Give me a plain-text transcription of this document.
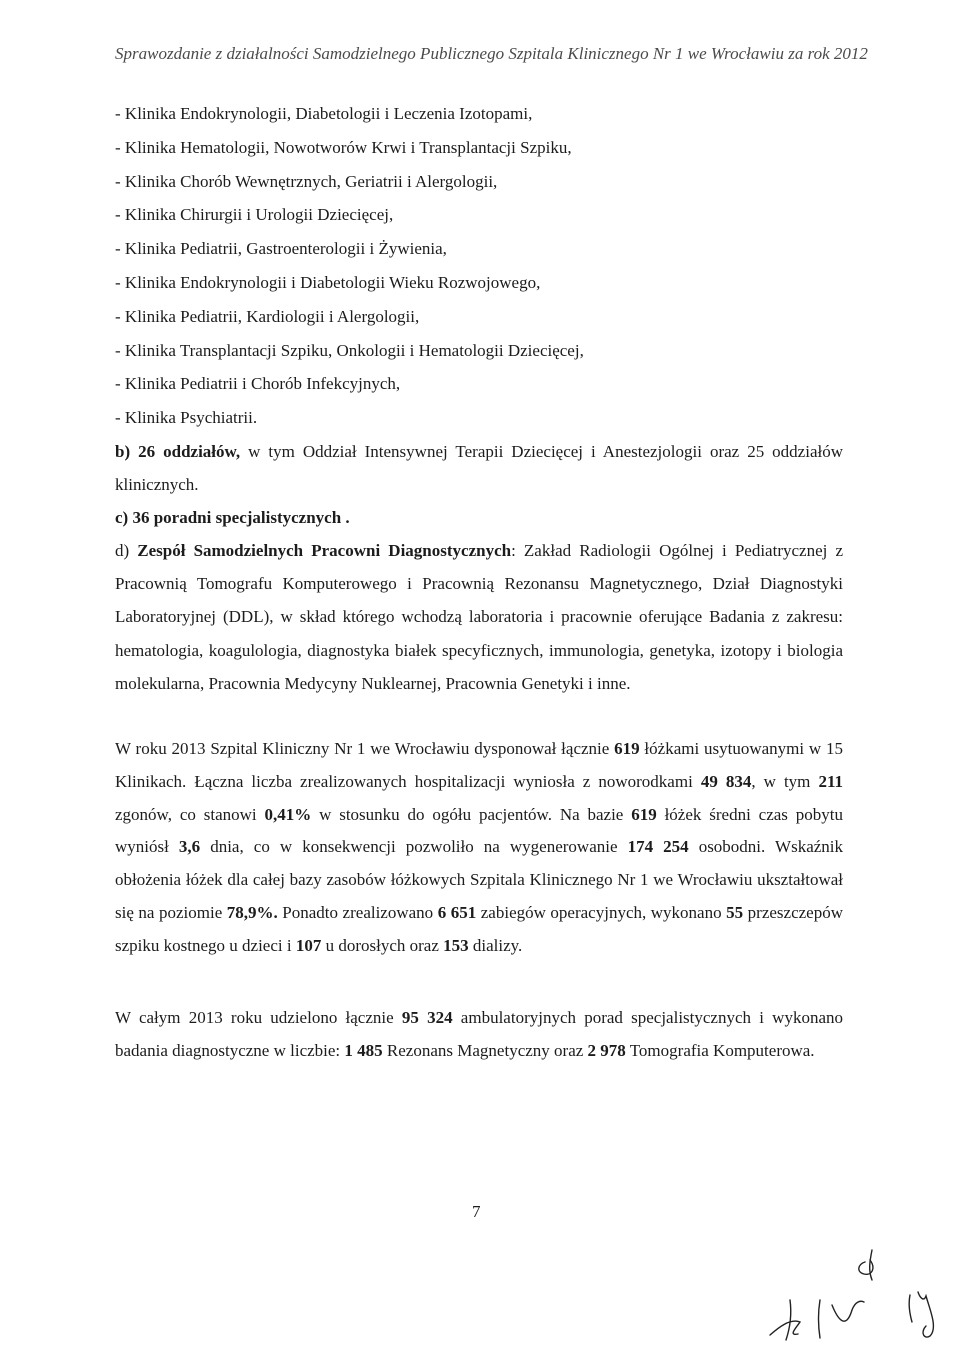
Sprawozdanie z działalności Samodzielnego Publicznego Szpitala Klinicznego Nr 1 we Wrocławiu za rok 2012
- Klinika Endokrynologii, Diabetologii i Leczenia Izotopami,
- Klinika Hematologii, Nowotworów Krwi i Transplantacji Szpiku,
- Klinika Chorób Wewnętrznych, Geriatrii i Alergologii,
- Klinika Chirurgii i Urologii Dziecięcej,
- Klinika Pediatrii, Gastroenterologii i Żywienia,
- Klinika Endokrynologii i Diabetologii Wieku Rozwojowego,
- Klinika Pediatrii, Kardiologii i Alergologii,
- Klinika Transplantacji Szpiku, Onkologii i Hematologii Dziecięcej,
- Klinika Pediatrii i Chorób Infekcyjnych,
- Klinika Psychiatrii.

b) 26 oddziałów, w tym Oddział Intensywnej Terapii Dziecięcej i Anestezjologii oraz 25 oddziałów klinicznych.

c) 36 poradni specjalistycznych .

d) Zespół Samodzielnych Pracowni Diagnostycznych: Zakład Radiologii Ogólnej i Pediatrycznej z Pracownią Tomografu Komputerowego i Pracownią Rezonansu Magnetycznego, Dział Diagnostyki Laboratoryjnej (DDL), w skład którego wchodzą laboratoria i pracownie oferujące Badania z zakresu: hematologia, koagulologia, diagnostyka białek specyficznych, immunologia, genetyka, izotopy i biologia molekularna, Pracownia Medycyny Nuklearnej, Pracownia Genetyki i inne.

W roku 2013 Szpital Kliniczny Nr 1 we Wrocławiu dysponował łącznie 619 łóżkami usytuowanymi w 15 Klinikach. Łączna liczba zrealizowanych hospitalizacji wyniosła z noworodkami 49 834, w tym 211 zgonów, co stanowi 0,41% w stosunku do ogółu pacjentów. Na bazie 619 łóżek średni czas pobytu wyniósł 3,6 dnia, co w konsekwencji pozwoliło na wygenerowanie 174 254 osobodni. Wskaźnik obłożenia łóżek dla całej bazy zasobów łóżkowych Szpitala Klinicznego Nr 1 we Wrocławiu ukształtował się na poziomie 78,9%. Ponadto zrealizowano 6 651 zabiegów operacyjnych, wykonano 55 przeszczepów szpiku kostnego u dzieci i 107 u dorosłych oraz 153 dializy.

W całym 2013 roku udzielono łącznie 95 324 ambulatoryjnych porad specjalistycznych i wykonano badania diagnostyczne w liczbie: 1 485 Rezonans Magnetyczny oraz 2 978 Tomografia Komputerowa.

7
